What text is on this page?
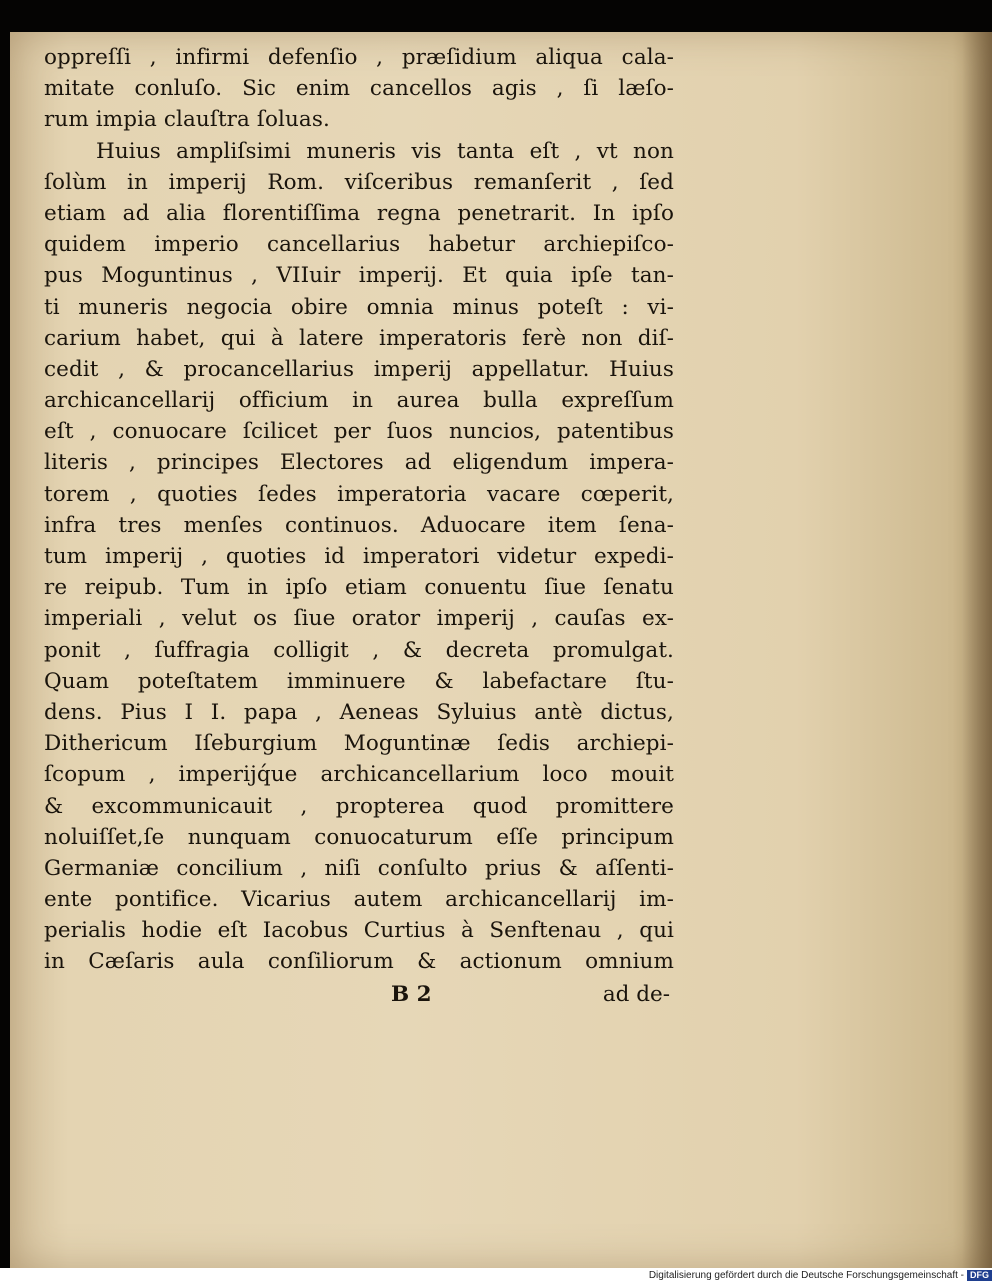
oppreſſi , infirmi defenſio , præſidium aliqua cala-
mitate conluſo. Sic enim cancellos agis , ſi læſo-
rum impia clauſtra ſoluas.
Huius ampliſsimi muneris vis tanta eſt , vt non
ſolùm in imperij Rom. viſceribus remanſerit , ſed
etiam ad alia florentiſſima regna penetrarit. In ipſo
quidem imperio cancellarius habetur archiepiſco-
pus Moguntinus , VIIuir imperij. Et quia ipſe tan-
ti muneris negocia obire omnia minus poteſt : vi-
carium habet, qui à latere imperatoris ferè non diſ-
cedit , & procancellarius imperij appellatur. Huius
archicancellarij officium in aurea bulla expreſſum
eſt , conuocare ſcilicet per ſuos nuncios, patentibus
literis , principes Electores ad eligendum impera-
torem , quoties ſedes imperatoria vacare cœperit,
infra tres menſes continuos. Aduocare item ſena-
tum imperij , quoties id imperatori videtur expedi-
re reipub. Tum in ipſo etiam conuentu ſiue ſenatu
imperiali , velut os ſiue orator imperij , cauſas ex-
ponit , ſuffragia colligit , & decreta promulgat.
Quam poteſtatem imminuere & labefactare ſtu-
dens. Pius I I. papa , Aeneas Syluius antè dictus,
Dithericum Iſeburgium Moguntinæ ſedis archiepi-
ſcopum , imperijq́ue archicancellarium loco mouit
& excommunicauit , propterea quod promittere
noluiſſet,ſe nunquam conuocaturum eſſe principum
Germaniæ concilium , niſi conſulto prius & aſſenti-
ente pontifice. Vicarius autem archicancellarij im-
perialis hodie eſt Iacobus Curtius à Senftenau , qui
in Cæſaris aula conſiliorum & actionum omnium
B 2	ad de-
Digitalisierung gefördert durch die Deutsche Forschungsgemeinschaft - DFG
